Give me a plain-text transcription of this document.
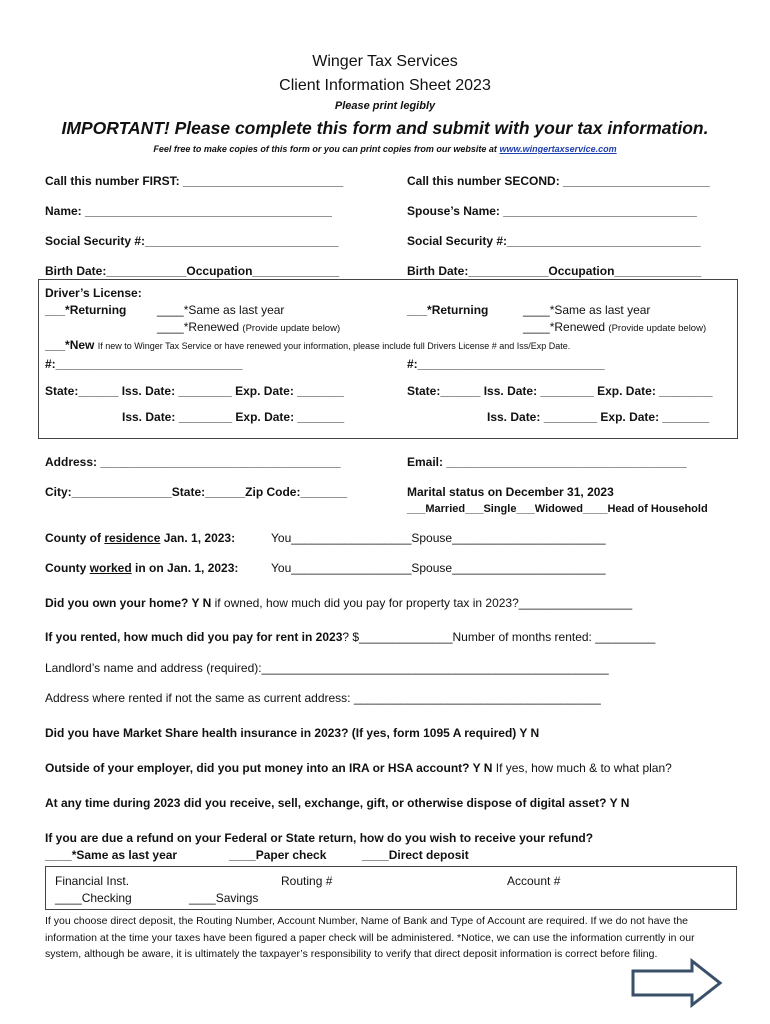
Winger Tax Services
Client Information Sheet 2023
Please print legibly
IMPORTANT! Please complete this form and submit with your tax information.
Feel free to make copies of this form or you can print copies from our website at www.wingertaxservice.com
Call this number FIRST: ________________________	Call this number SECOND: ______________________
Name: _____________________________________	Spouse’s Name: _____________________________
Social Security #:_____________________________	Social Security #:_____________________________
Birth Date:____________Occupation_____________	Birth Date:____________Occupation_____________
Driver’s License:
___*Returning	____*Same as last year
____*Renewed (Provide update below)
___*Returning	____*Same as last year
____*Renewed (Provide update below)
___*New If new to Winger Tax Service or have renewed your information, please include full Drivers License # and Iss/Exp Date.
#:____________________________	#:____________________________
State:______ Iss. Date: ________ Exp. Date: _______	State:______ Iss. Date: ________ Exp. Date: ________
Iss. Date: ________ Exp. Date: _______	Iss. Date: ________ Exp. Date: _______
Address: ____________________________________	Email: ____________________________________
City:_______________State:______Zip Code:_______	Marital status on December 31, 2023
___Married___Single___Widowed____Head of Household
County of residence Jan. 1, 2023:	You__________________Spouse_______________________
County worked in on Jan. 1, 2023:	You__________________Spouse_______________________
Did you own your home? Y N if owned, how much did you pay for property tax in 2023?_________________
If you rented, how much did you pay for rent in 2023? $______________Number of months rented: _________
Landlord’s name and address (required):____________________________________________________
Address where rented if not the same as current address: _____________________________________
Did you have Market Share health insurance in 2023? (If yes, form 1095 A required) Y N
Outside of your employer, did you put money into an IRA or HSA account? Y N If yes, how much & to what plan?
At any time during 2023 did you receive, sell, exchange, gift, or otherwise dispose of digital asset? Y N
If you are due a refund on your Federal or State return, how do you wish to receive your refund?
____*Same as last year	____Paper check	____Direct deposit
Financial Inst.	Routing #	Account #
____Checking	____Savings
If you choose direct deposit, the Routing Number, Account Number, Name of Bank and Type of Account are required. If we do not have the information at the time your taxes have been figured a paper check will be administered. *Notice, we can use the information currently in our system, although be aware, it is ultimately the taxpayer’s responsibility to verify that direct deposit information is correct before filing.
